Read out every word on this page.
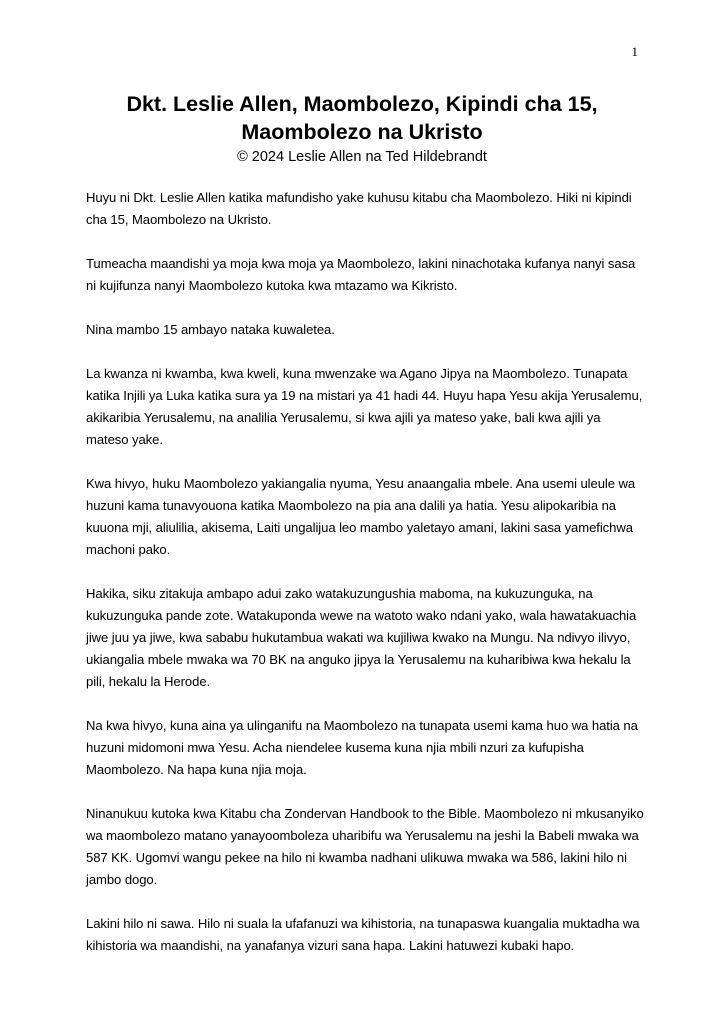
1
Dkt. Leslie Allen, Maombolezo, Kipindi cha 15,
Maombolezo na Ukristo

© 2024 Leslie Allen na Ted Hildebrandt

Huyu ni Dkt. Leslie Allen katika mafundisho yake kuhusu kitabu cha Maombolezo. Hiki ni kipindi cha 15, Maombolezo na Ukristo.

Tumeacha maandishi ya moja kwa moja ya Maombolezo, lakini ninachotaka kufanya nanyi sasa ni kujifunza nanyi Maombolezo kutoka kwa mtazamo wa Kikristo.

Nina mambo 15 ambayo nataka kuwaletea.

La kwanza ni kwamba, kwa kweli, kuna mwenzake wa Agano Jipya na Maombolezo. Tunapata katika Injili ya Luka katika sura ya 19 na mistari ya 41 hadi 44. Huyu hapa Yesu akija Yerusalemu, akikaribia Yerusalemu, na analilia Yerusalemu, si kwa ajili ya mateso yake, bali kwa ajili ya mateso yake.

Kwa hivyo, huku Maombolezo yakiangalia nyuma, Yesu anaangalia mbele. Ana usemi uleule wa huzuni kama tunavyouona katika Maombolezo na pia ana dalili ya hatia. Yesu alipokaribia na kuuona mji, aliulilia, akisema, Laiti ungalijua leo mambo yaletayo amani, lakini sasa yamefichwa machoni pako.

Hakika, siku zitakuja ambapo adui zako watakuzungushia maboma, na kukuzunguka, na kukuzunguka pande zote. Watakuponda wewe na watoto wako ndani yako, wala hawatakuachia jiwe juu ya jiwe, kwa sababu hukutambua wakati wa kujiliwa kwako na Mungu. Na ndivyo ilivyo, ukiangalia mbele mwaka wa 70 BK na anguko jipya la Yerusalemu na kuharibiwa kwa hekalu la pili, hekalu la Herode.

Na kwa hivyo, kuna aina ya ulinganifu na Maombolezo na tunapata usemi kama huo wa hatia na huzuni midomoni mwa Yesu. Acha niendelee kusema kuna njia mbili nzuri za kufupisha Maombolezo. Na hapa kuna njia moja.

Ninanukuu kutoka kwa Kitabu cha Zondervan Handbook to the Bible. Maombolezo ni mkusanyiko wa maombolezo matano yanayoomboleza uharibifu wa Yerusalemu na jeshi la Babeli mwaka wa 587 KK. Ugomvi wangu pekee na hilo ni kwamba nadhani ulikuwa mwaka wa 586, lakini hilo ni jambo dogo.

Lakini hilo ni sawa. Hilo ni suala la ufafanuzi wa kihistoria, na tunapaswa kuangalia muktadha wa kihistoria wa maandishi, na yanafanya vizuri sana hapa. Lakini hatuwezi kubaki hapo.
